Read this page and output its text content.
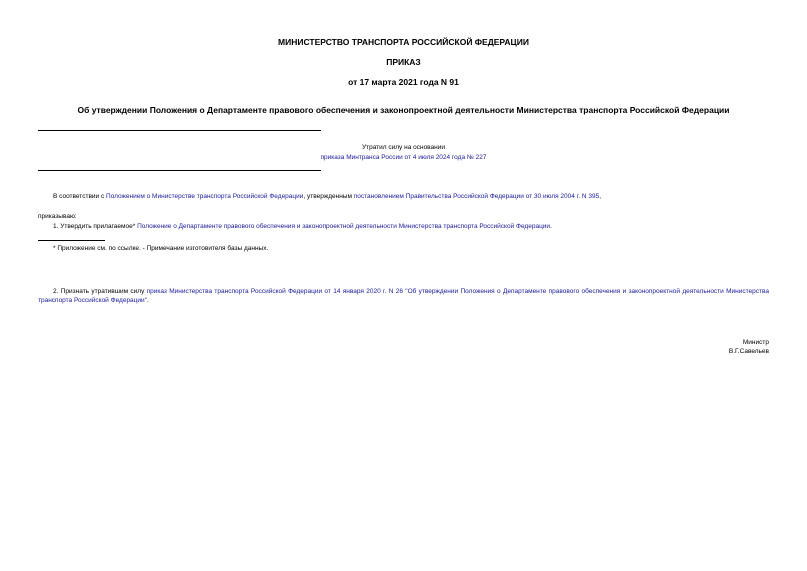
МИНИСТЕРСТВО ТРАНСПОРТА РОССИЙСКОЙ ФЕДЕРАЦИИ
ПРИКАЗ
от 17 марта 2021 года N 91
Об утверждении Положения о Департаменте правового обеспечения и законопроектной деятельности Министерства транспорта Российской Федерации
Утратил силу на основании
приказа Минтранса России от 4 июля 2024 года № 227
В соответствии с Положением о Министерстве транспорта Российской Федерации, утвержденным постановлением Правительства Российской Федерации от 30 июля 2004 г. N 395,
приказываю:
1. Утвердить прилагаемое* Положение о Департаменте правового обеспечения и законопроектной деятельности Министерства транспорта Российской Федерации.
* Приложение см. по ссылке. - Примечание изготовителя базы данных.
2. Признать утратившим силу приказ Министерства транспорта Российской Федерации от 14 января 2020 г. N 26 "Об утверждении Положения о Департаменте правового обеспечения и законопроектной деятельности Министерства транспорта Российской Федерации".
Министр
В.Г.Савельев
